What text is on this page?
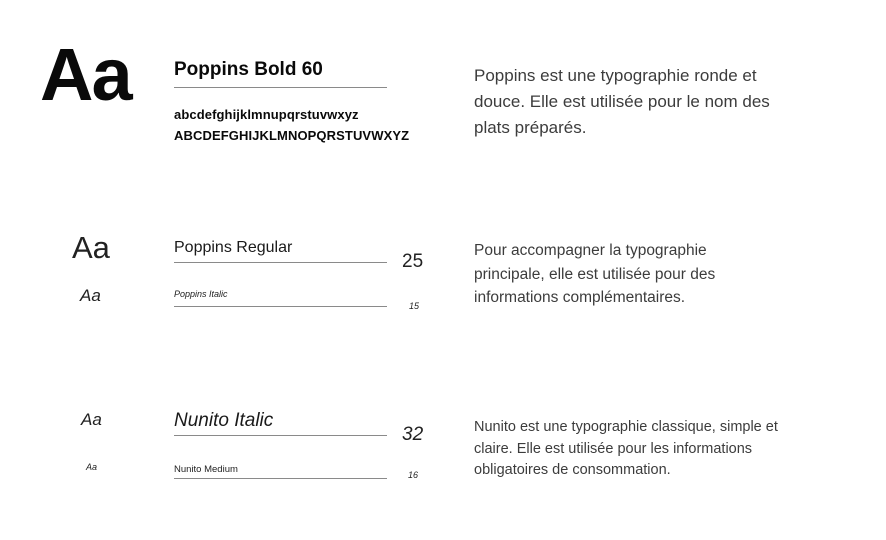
Aa Poppins Bold 60
abcdefghijklmnupqrstuvwxyz
ABCDEFGHIJKLMNOPQRSTUVWXYZ
Poppins est une typographie ronde et douce. Elle est utilisée pour le nom des plats préparés.
Aa
Aa
Poppins Regular
25
Poppins Italic
15
Pour accompagner la typographie principale, elle est utilisée pour des informations complémentaires.
Aa
Aa
Nunito Italic
32
Nunito Medium	16
Nunito est une typographie classique, simple et claire. Elle est utilisée pour les informations obligatoires de consommation.
